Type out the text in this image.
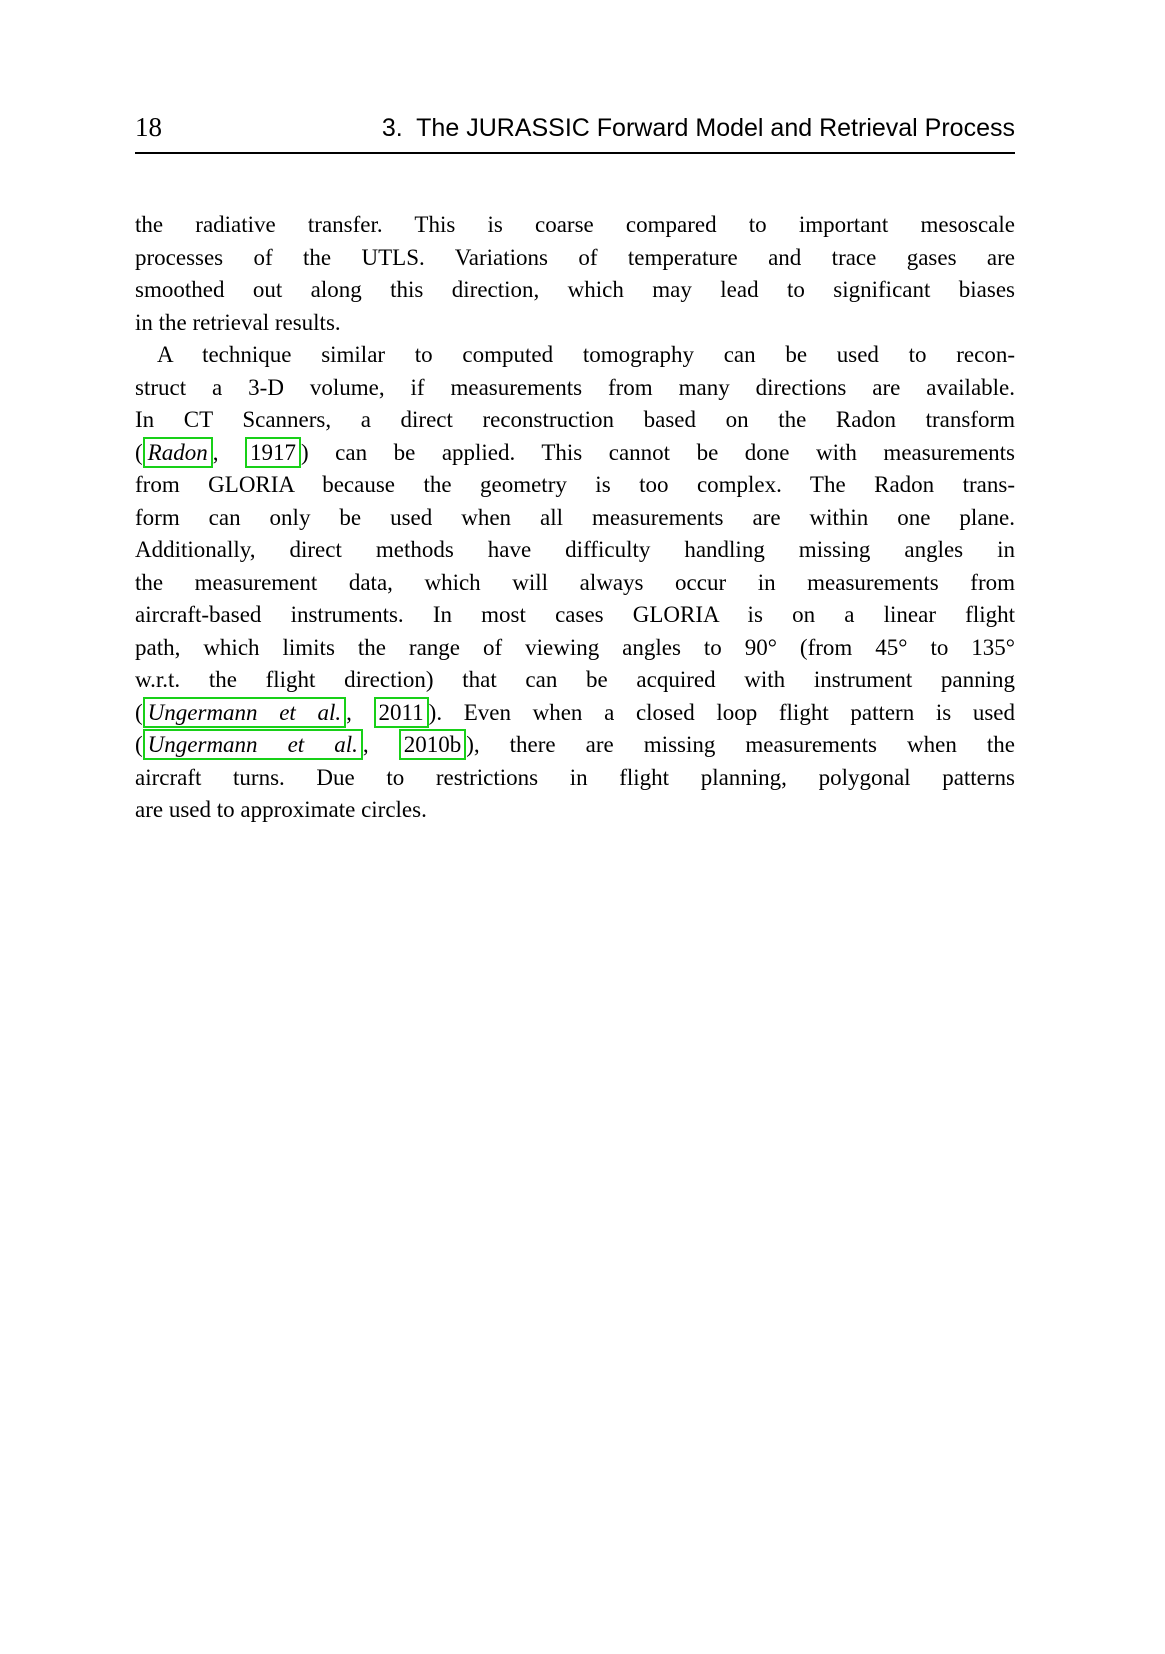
18	3.  The JURASSIC Forward Model and Retrieval Process
the radiative transfer. This is coarse compared to important mesoscale
processes of the UTLS. Variations of temperature and trace gases are
smoothed out along this direction, which may lead to significant biases
in the retrieval results.
A technique similar to computed tomography can be used to recon-
struct a 3-D volume, if measurements from many directions are available.
In CT Scanners, a direct reconstruction based on the Radon transform
( Radon , 1917 ) can be applied. This cannot be done with measurements
from GLORIA because the geometry is too complex. The Radon trans-
form can only be used when all measurements are within one plane.
Additionally, direct methods have difficulty handling missing angles in
the measurement data, which will always occur in measurements from
aircraft-based instruments. In most cases GLORIA is on a linear flight
path, which limits the range of viewing angles to 90° (from 45° to 135°
w.r.t. the flight direction) that can be acquired with instrument panning
( Ungermann et al. , 2011 ). Even when a closed loop flight pattern is used
( Ungermann et al. , 2010b ), there are missing measurements when the
aircraft turns. Due to restrictions in flight planning, polygonal patterns
are used to approximate circles.
